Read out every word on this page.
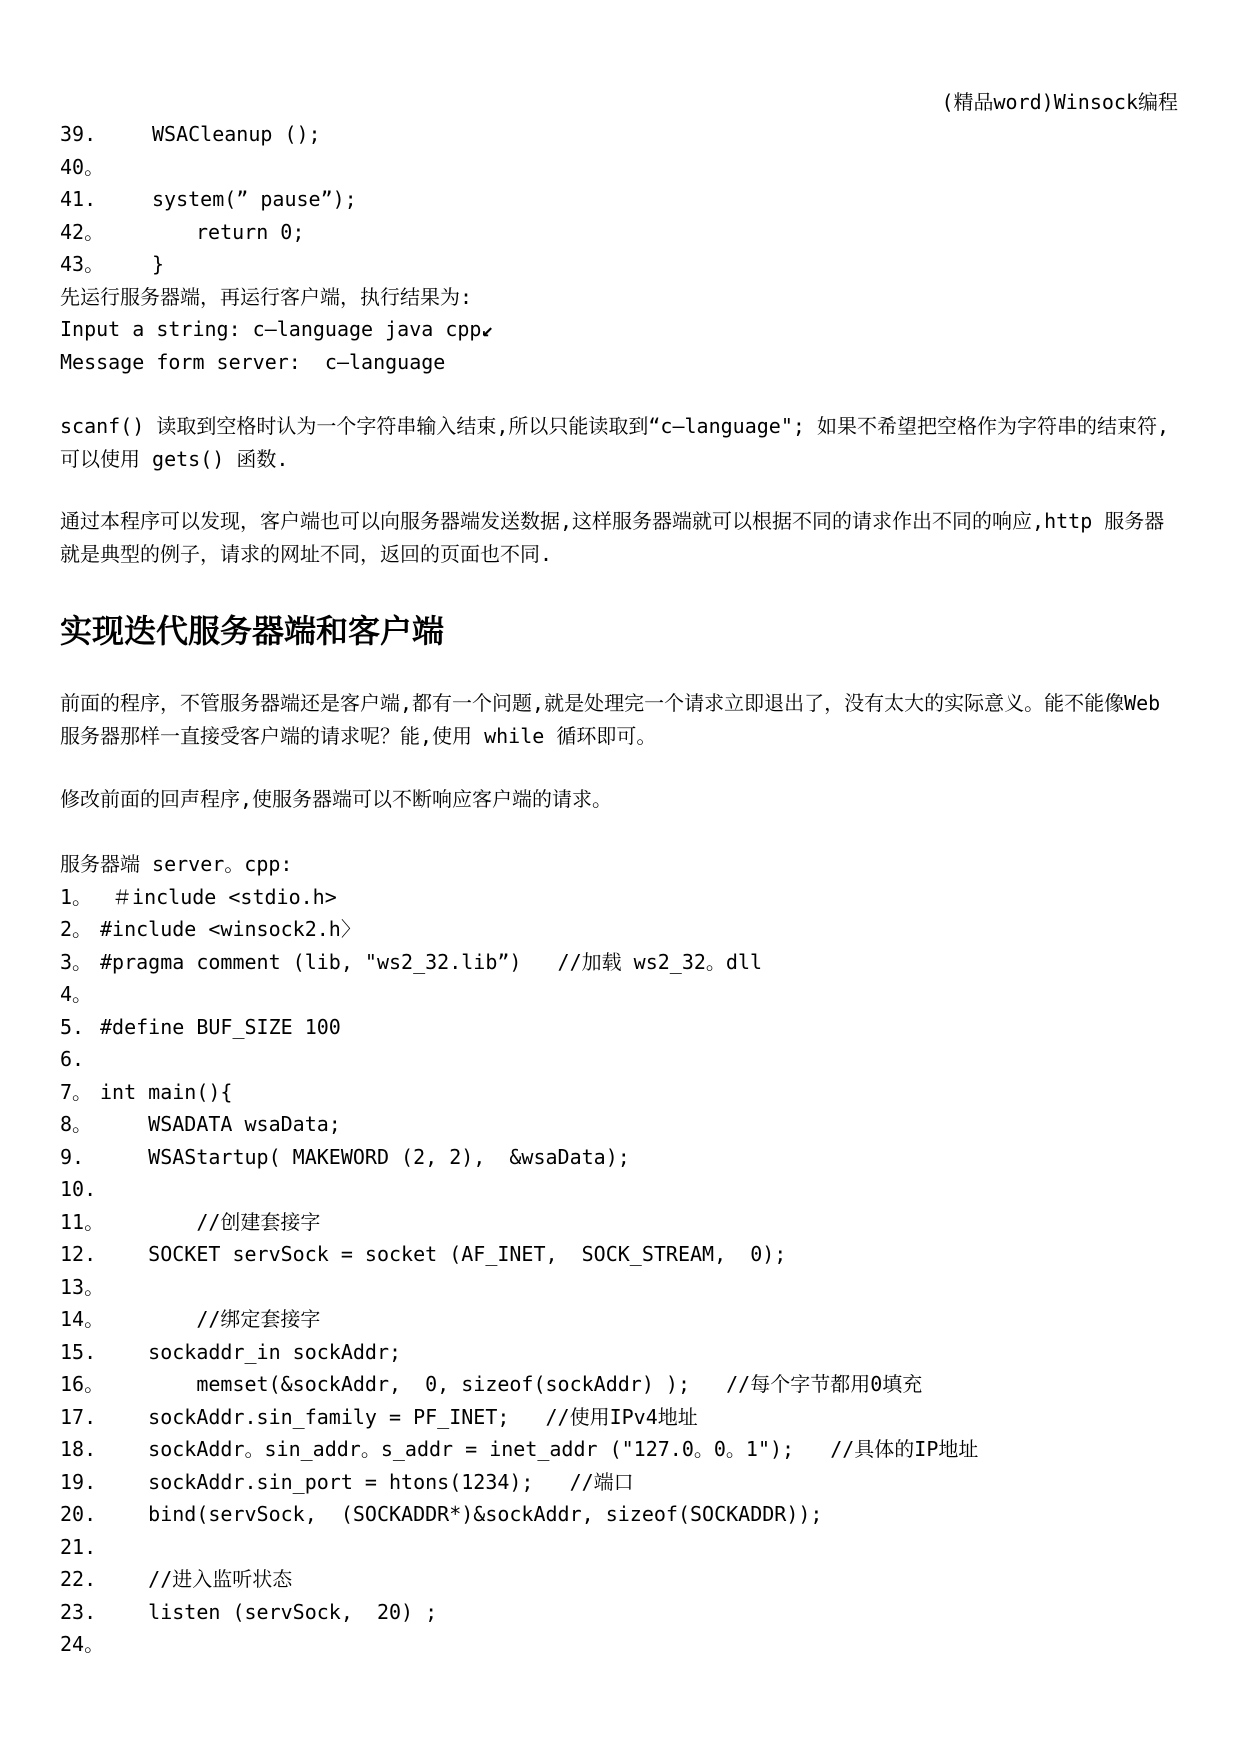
(精品word)Winsock编程
39.	WSACleanup ();
40。
41.	system(” pause”);
42。	return 0;
43。 }
先运行服务器端，再运行客户端，执行结果为:
Input a string: c—language java cpp↙
Message form server:  c—language
scanf() 读取到空格时认为一个字符串输入结束,所以只能读取到“c—language"; 如果不希望把空格作为字符串的结束符,可以使用 gets() 函数.
通过本程序可以发现，客户端也可以向服务器端发送数据,这样服务器端就可以根据不同的请求作出不同的响应,http 服务器就是典型的例子，请求的网址不同，返回的页面也不同.
实现迭代服务器端和客户端
前面的程序，不管服务器端还是客户端,都有一个问题,就是处理完一个请求立即退出了，没有太大的实际意义。能不能像Web服务器那样一直接受客户端的请求呢？能,使用 while 循环即可。
修改前面的回声程序,使服务器端可以不断响应客户端的请求。
服务器端 server。cpp:
1。 ＃include <stdio.h>
2。 #include <winsock2.h〉
3。 #pragma comment (lib, "ws2_32.lib”)   //加载 ws2_32。dll
4。
5. #define BUF_SIZE 100
6.
7。 int main(){
8。    WSADATA wsaData;
9.    WSAStartup( MAKEWORD (2, 2),  &wsaData);
10.
11。        //创建套接字
12.    SOCKET servSock = socket (AF_INET,  SOCK_STREAM,  0);
13。
14。        //绑定套接字
15.    sockaddr_in sockAddr;
16。        memset(&sockAddr,  0, sizeof(sockAddr) );   //每个字节都用0填充
17.    sockAddr.sin_family = PF_INET;   //使用IPv4地址
18.    sockAddr。sin_addr。s_addr = inet_addr ("127.0。0。1");   //具体的IP地址
19.    sockAddr.sin_port = htons(1234);   //端口
20.    bind(servSock,  (SOCKADDR*)&sockAddr, sizeof(SOCKADDR));
21.
22.    //进入监听状态
23.    listen (servSock,  20) ;
24。
